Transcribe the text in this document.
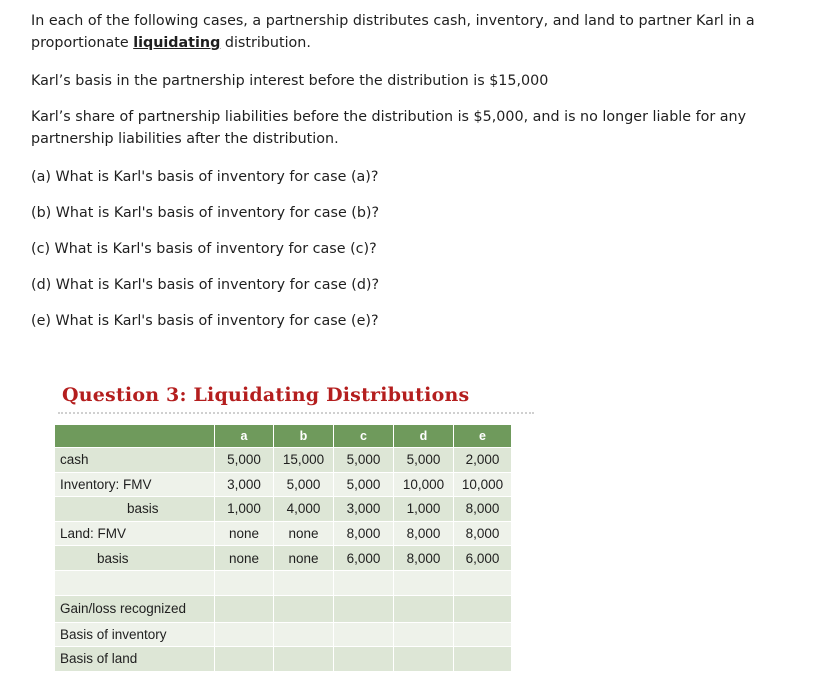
In each of the following cases, a partnership distributes cash, inventory, and land to partner Karl in a proportionate liquidating distribution.

Karl’s basis in the partnership interest before the distribution is $15,000

Karl’s share of partnership liabilities before the distribution is $5,000, and is no longer liable for any partnership liabilities after the distribution.

(a) What is Karl's basis of inventory for case (a)?

(b) What is Karl's basis of inventory for case (b)?

(c) What is Karl's basis of inventory for case (c)?

(d) What is Karl's basis of inventory for case (d)?

(e) What is Karl's basis of inventory for case (e)?

Question 3: Liquidating Distributions
	a	b	c	d	e
cash	5,000	15,000	5,000	5,000	2,000
Inventory: FMV	3,000	5,000	5,000	10,000	10,000
basis	1,000	4,000	3,000	1,000	8,000
Land: FMV	none	none	8,000	8,000	8,000
basis	none	none	6,000	8,000	6,000

Gain/loss recognized					
Basis of inventory					
Basis of land					
